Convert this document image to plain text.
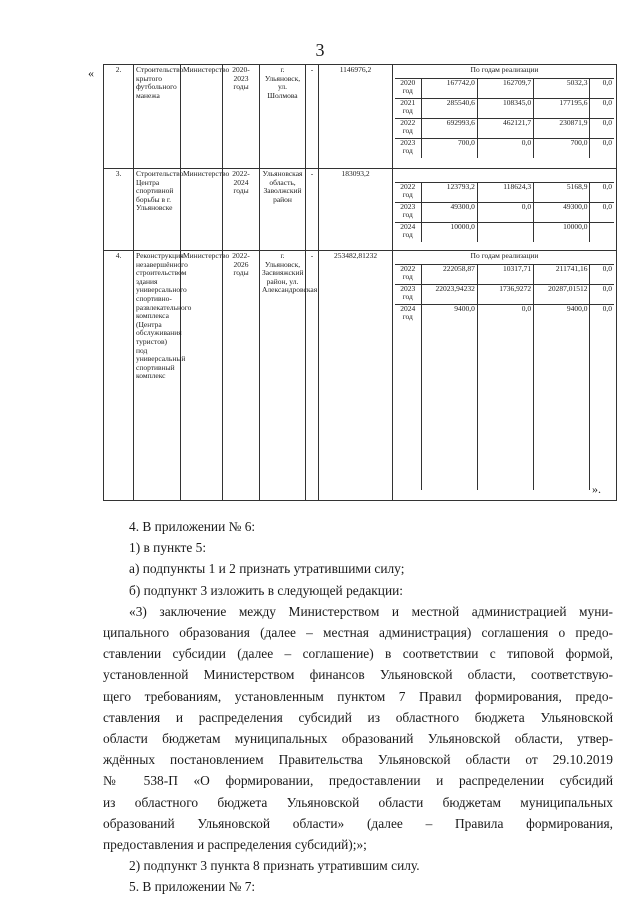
3
«
».
2.	Строительство крытого футбольного манежа	Министерство	2020-2023 годы	г. Ульяновск, ул. Шолмова	-	1146976,2		По годам реализации
2020 год	167742,0	162709,7	5032,3	0,0
2021 год	285540,6	108345,0	177195,6	0,0
2022 год	692993,6	462121,7	230871,9	0,0
2023 год	700,0	0,0	700,0	0,0

3.	Строительство Центра спортивной борьбы в г. Ульяновске	Министерство	2022-2024 годы	Ульяновская область, Заволжский район	-	183093,2	

2022 год	123793,2	118624,3	5168,9	0,0
2023 год	49300,0	0,0	49300,0	0,0
2024 год	10000,0		10000,0	

4.	Реконструкция незавершённого строительством здания универсального спортивно-развлекательного комплекса (Центра обслуживания туристов) под универсальный спортивный комплекс	Министерство	2022-2026 годы	г. Ульяновск, Засвияжский район, ул. Александровская	-	253482,81232		По годам реализации
2022 год	222058,87	10317,71	211741,16	0,0
2023 год	22023,94232	1736,9272	20287,01512	0,0
2024 год	9400,0	0,0	9400,0	0,0

4. В приложении № 6:

1) в пункте 5:

а) подпункты 1 и 2 признать утратившими силу;

б) подпункт 3 изложить в следующей редакции:

«3) заключение между Министерством и местной администрацией муни-

ципального образования (далее – местная администрация) соглашения о предо-

ставлении субсидии (далее – соглашение) в соответствии с типовой формой,

установленной Министерством финансов Ульяновской области, соответствую-

щего требованиям, установленным пунктом 7 Правил формирования, предо-

ставления и распределения субсидий из областного бюджета Ульяновской

области бюджетам муниципальных образований Ульяновской области, утвер-

ждённых постановлением Правительства Ульяновской области от 29.10.2019

№ 538-П «О формировании, предоставлении и распределении субсидий

из областного бюджета Ульяновской области бюджетам муниципальных

образований Ульяновской области» (далее – Правила формирования,

предоставления и распределения субсидий);»;

2) подпункт 3 пункта 8 признать утратившим силу.

5. В приложении № 7:
